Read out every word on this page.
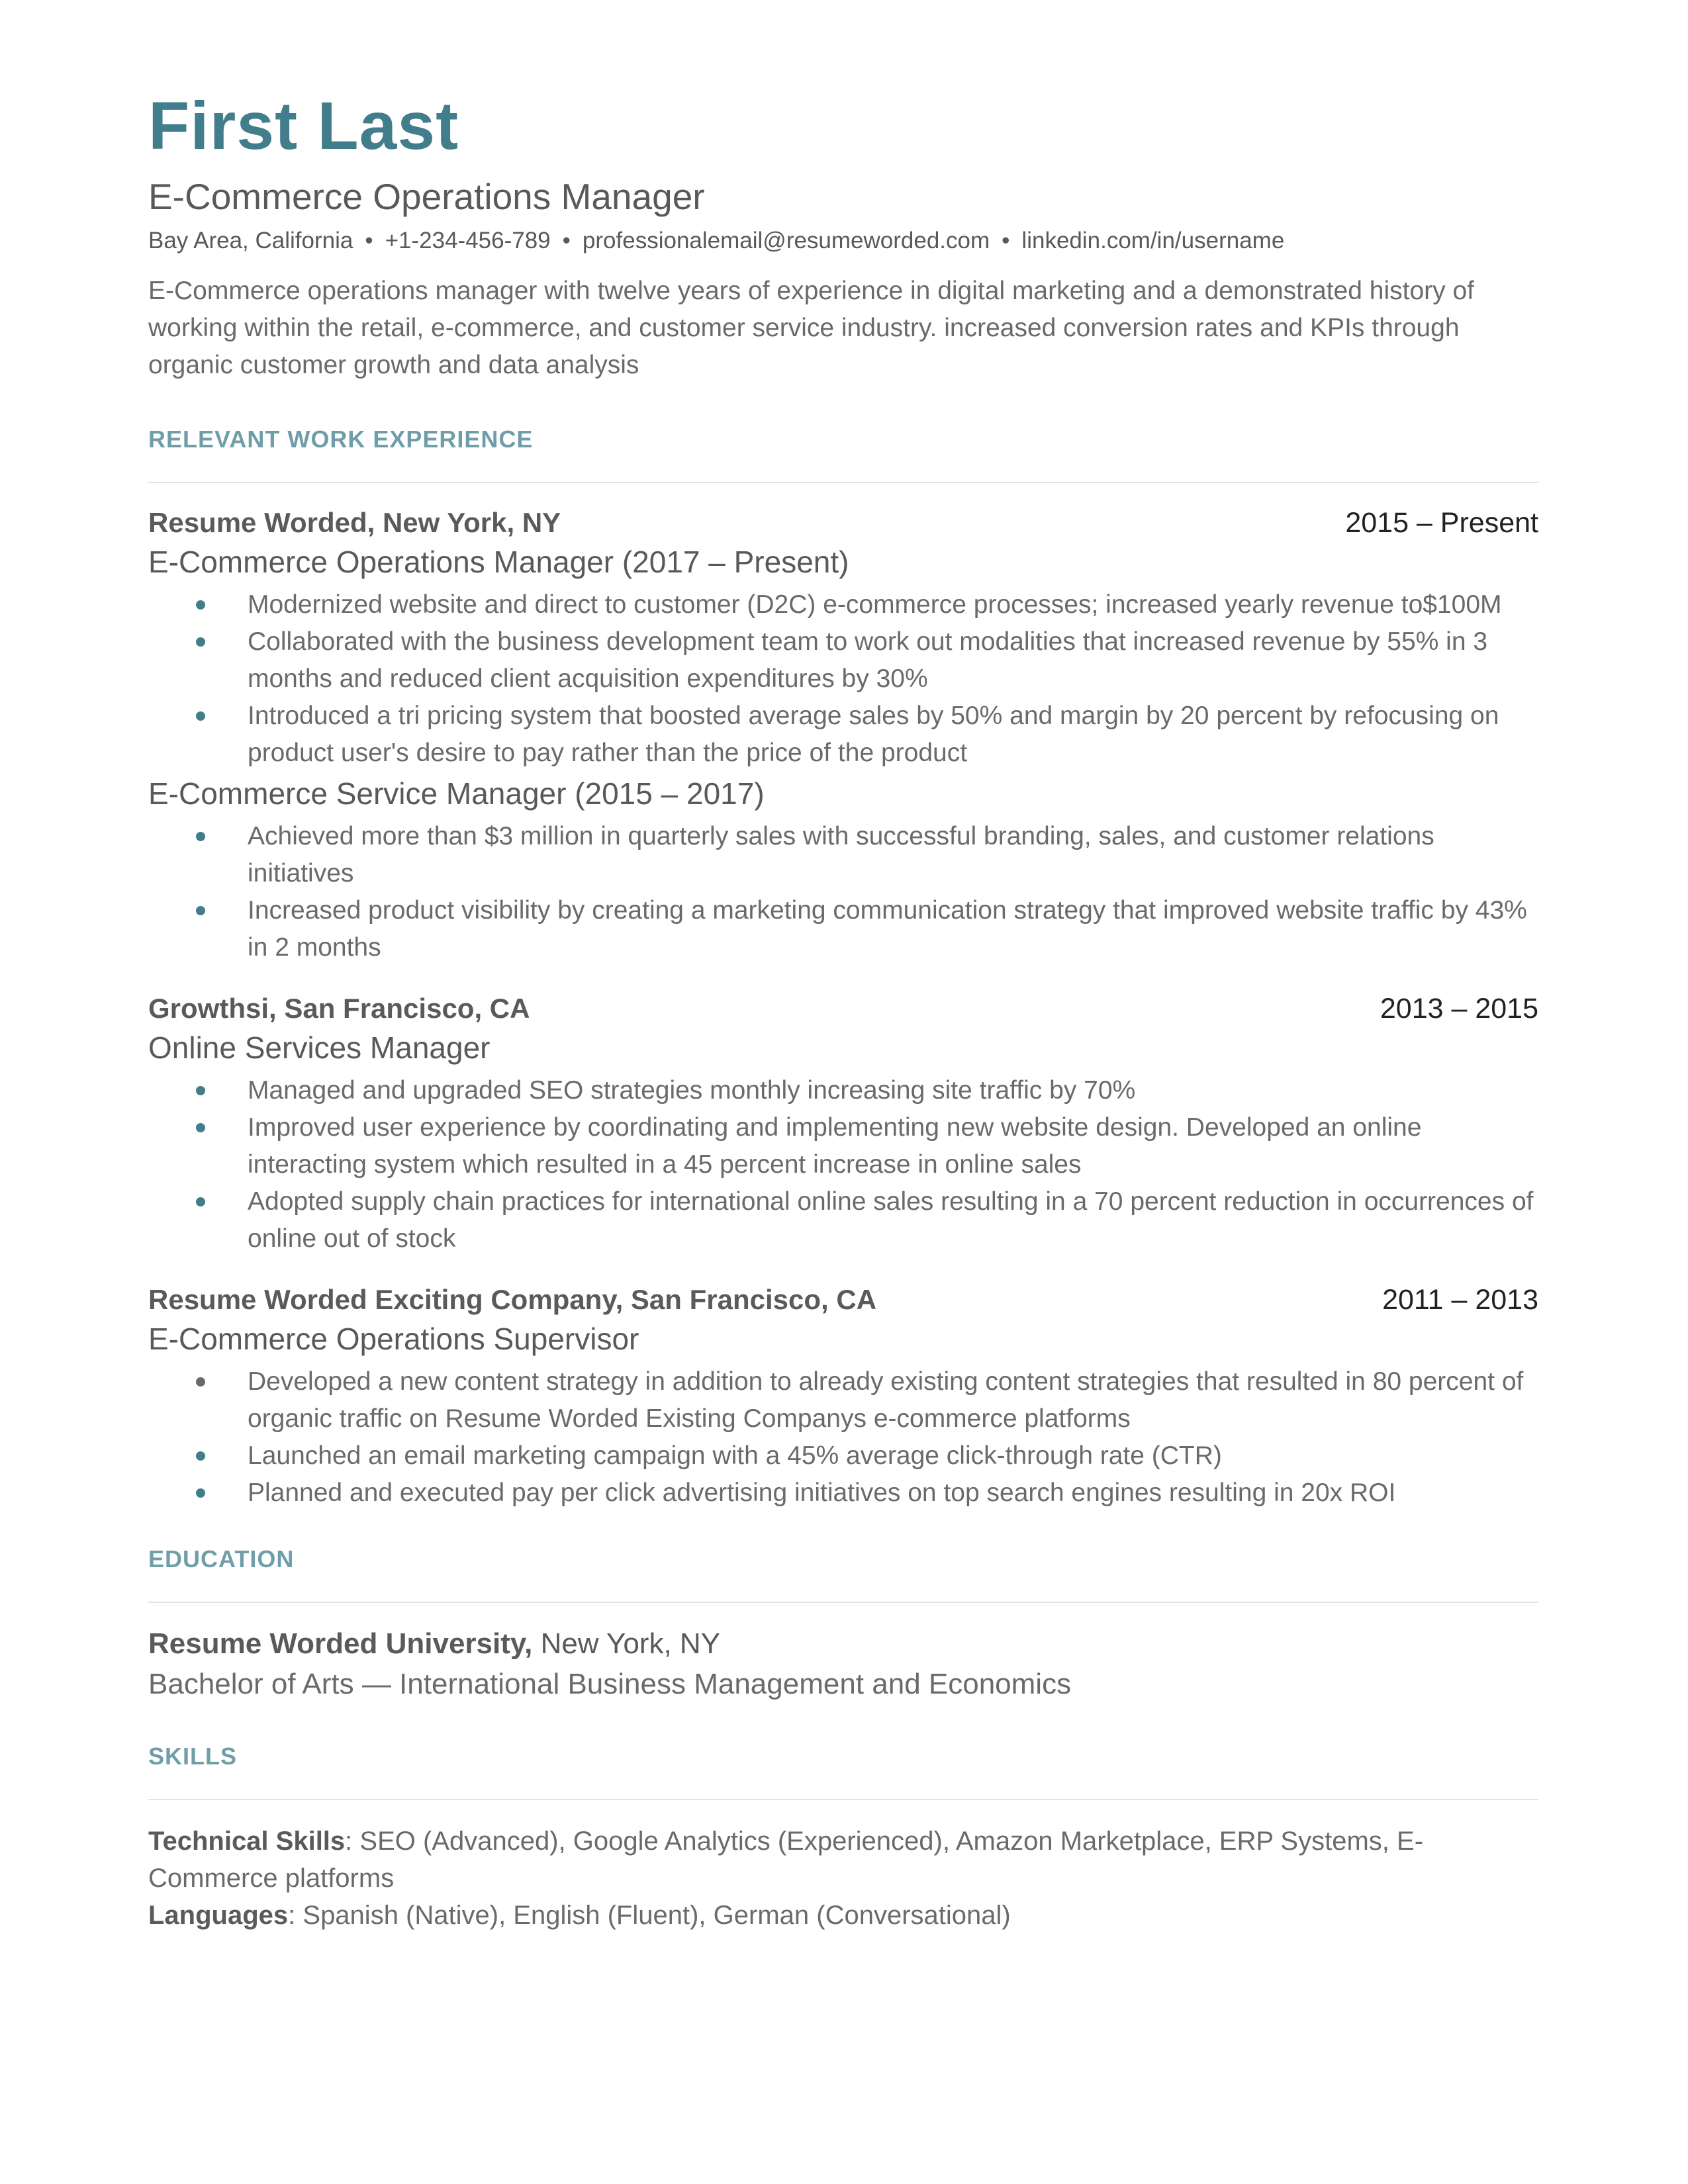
First Last
E-Commerce Operations Manager
Bay Area, California • +1-234-456-789 • professionalemail@resumeworded.com • linkedin.com/in/username
E-Commerce operations manager with twelve years of experience in digital marketing and a demonstrated history of working within the retail, e-commerce, and customer service industry. increased conversion rates and KPIs through organic customer growth and data analysis
RELEVANT WORK EXPERIENCE
Resume Worded, New York, NY	2015 – Present
E-Commerce Operations Manager (2017 – Present)
Modernized website and direct to customer (D2C) e-commerce processes; increased yearly revenue to$100M
Collaborated with the business development team to work out modalities that increased revenue by 55% in 3 months and reduced client acquisition expenditures by 30%
Introduced a tri pricing system that boosted average sales by 50% and margin by 20 percent by refocusing on product user's desire to pay rather than the price of the product
E-Commerce Service Manager (2015 – 2017)
Achieved more than $3 million in quarterly sales with successful branding, sales, and customer relations initiatives
Increased product visibility by creating a marketing communication strategy that improved website traffic by 43% in 2 months
Growthsi, San Francisco, CA	2013 – 2015
Online Services Manager
Managed and upgraded SEO strategies monthly increasing site traffic by 70%
Improved user experience by coordinating and implementing new website design. Developed an online interacting system which resulted in a 45 percent increase in online sales
Adopted supply chain practices for international online sales resulting in a 70 percent reduction in occurrences of online out of stock
Resume Worded Exciting Company, San Francisco, CA	2011 – 2013
E-Commerce Operations Supervisor
Developed a new content strategy in addition to already existing content strategies that resulted in 80 percent of organic traffic on Resume Worded Existing Companys e-commerce platforms
Launched an email marketing campaign with a 45% average click-through rate (CTR)
Planned and executed pay per click advertising initiatives on top search engines resulting in 20x ROI
EDUCATION
Resume Worded University, New York, NY
Bachelor of Arts — International Business Management and Economics
SKILLS
Technical Skills: SEO (Advanced), Google Analytics (Experienced), Amazon Marketplace, ERP Systems, E-Commerce platforms
Languages: Spanish (Native), English (Fluent), German (Conversational)
